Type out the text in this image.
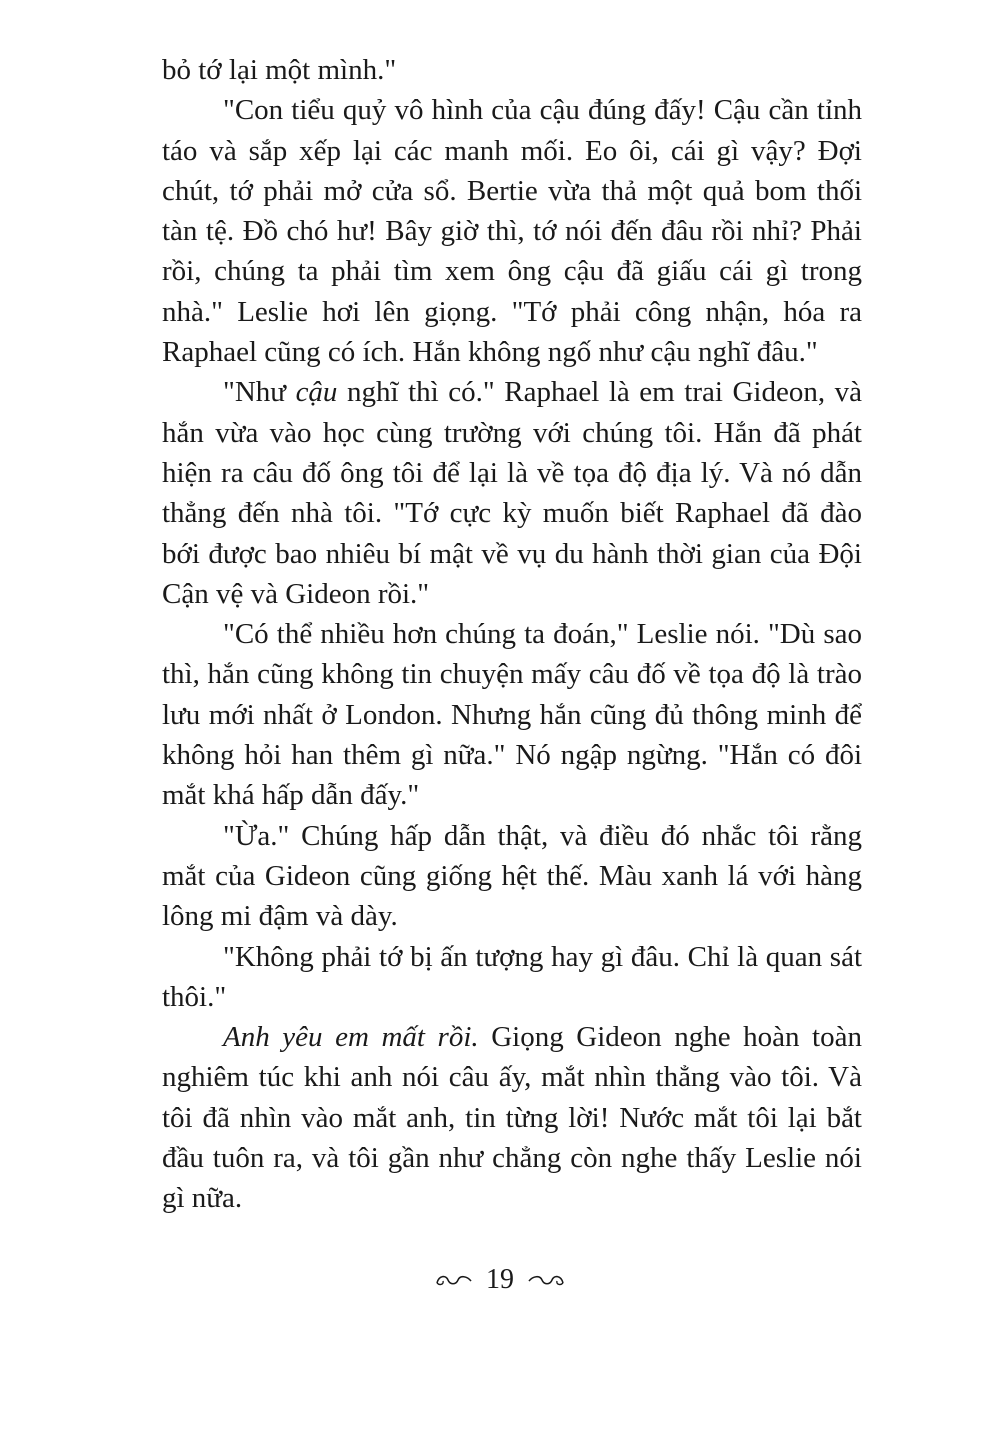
bỏ tớ lại một mình."

"Con tiểu quỷ vô hình của cậu đúng đấy! Cậu cần tỉnh táo và sắp xếp lại các manh mối. Eo ôi, cái gì vậy? Đợi chút, tớ phải mở cửa sổ. Bertie vừa thả một quả bom thối tàn tệ. Đồ chó hư! Bây giờ thì, tớ nói đến đâu rồi nhỉ? Phải rồi, chúng ta phải tìm xem ông cậu đã giấu cái gì trong nhà." Leslie hơi lên giọng. "Tớ phải công nhận, hóa ra Raphael cũng có ích. Hắn không ngố như cậu nghĩ đâu."

"Như cậu nghĩ thì có." Raphael là em trai Gideon, và hắn vừa vào học cùng trường với chúng tôi. Hắn đã phát hiện ra câu đố ông tôi để lại là về tọa độ địa lý. Và nó dẫn thẳng đến nhà tôi. "Tớ cực kỳ muốn biết Raphael đã đào bới được bao nhiêu bí mật về vụ du hành thời gian của Đội Cận vệ và Gideon rồi."

"Có thể nhiều hơn chúng ta đoán," Leslie nói. "Dù sao thì, hắn cũng không tin chuyện mấy câu đố về tọa độ là trào lưu mới nhất ở London. Nhưng hắn cũng đủ thông minh để không hỏi han thêm gì nữa." Nó ngập ngừng. "Hắn có đôi mắt khá hấp dẫn đấy."

"Ừa." Chúng hấp dẫn thật, và điều đó nhắc tôi rằng mắt của Gideon cũng giống hệt thế. Màu xanh lá với hàng lông mi đậm và dày.

"Không phải tớ bị ấn tượng hay gì đâu. Chỉ là quan sát thôi."

Anh yêu em mất rồi. Giọng Gideon nghe hoàn toàn nghiêm túc khi anh nói câu ấy, mắt nhìn thẳng vào tôi. Và tôi đã nhìn vào mắt anh, tin từng lời! Nước mắt tôi lại bắt đầu tuôn ra, và tôi gần như chẳng còn nghe thấy Leslie nói gì nữa.

19
